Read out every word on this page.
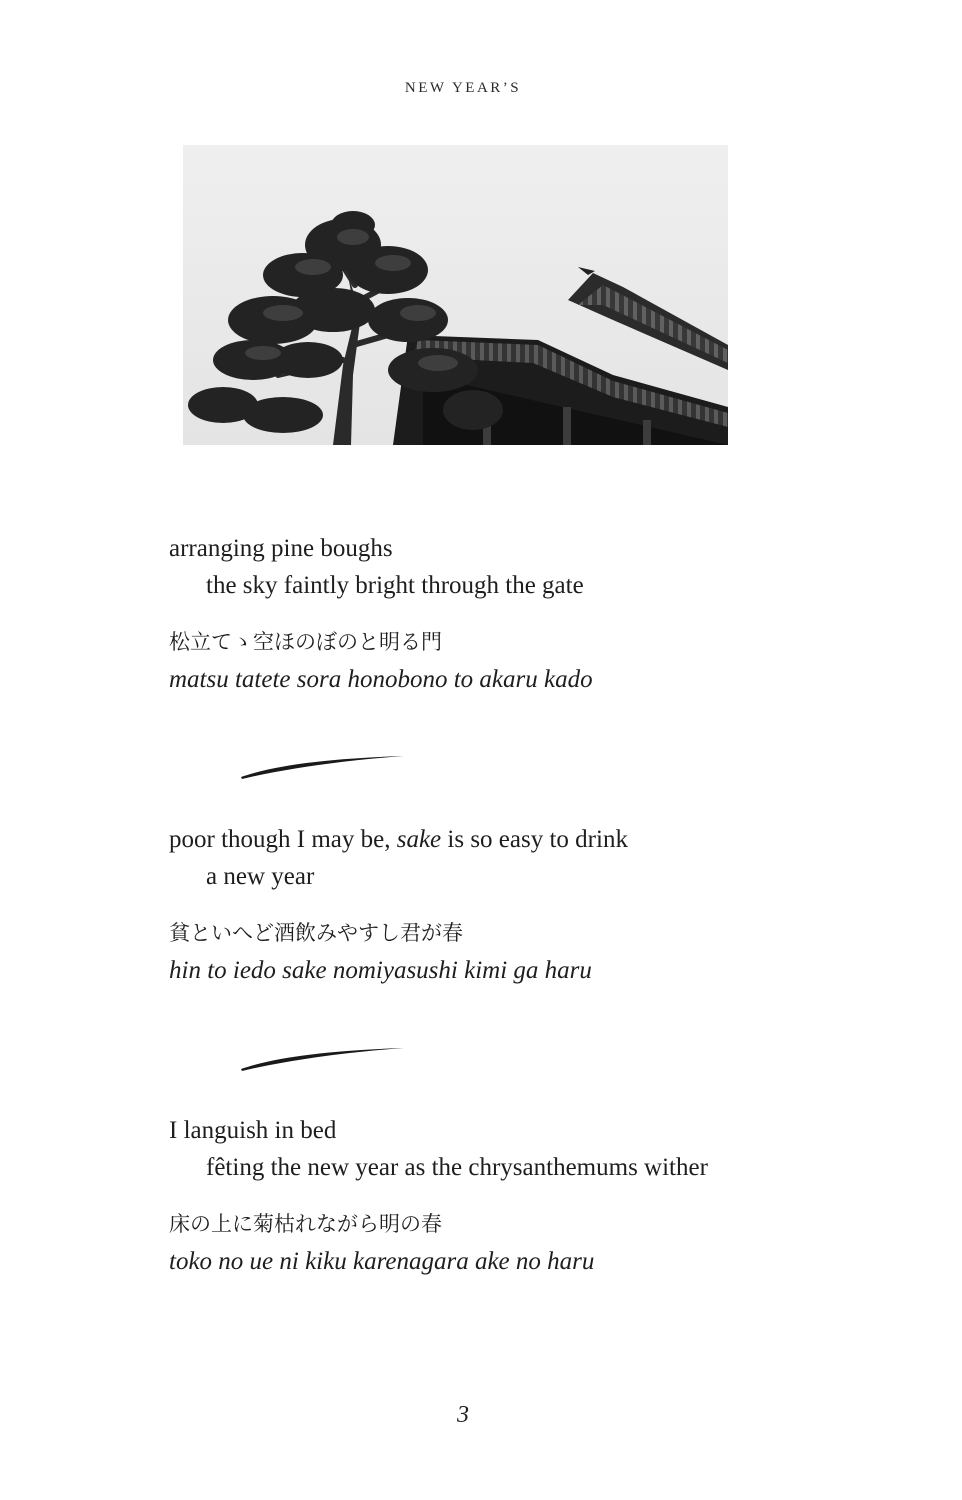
NEW YEAR’S
arranging pine boughs
the sky faintly bright through the gate
松立てゝ空ほのぼのと明る門
matsu tatete sora honobono to akaru kado
poor though I may be, sake is so easy to drink
a new year
貧といへど酒飲みやすし君が春
hin to iedo sake nomiyasushi kimi ga haru
I languish in bed
fêting the new year as the chrysanthemums wither
床の上に菊枯れながら明の春
toko no ue ni kiku karenagara ake no haru
3
